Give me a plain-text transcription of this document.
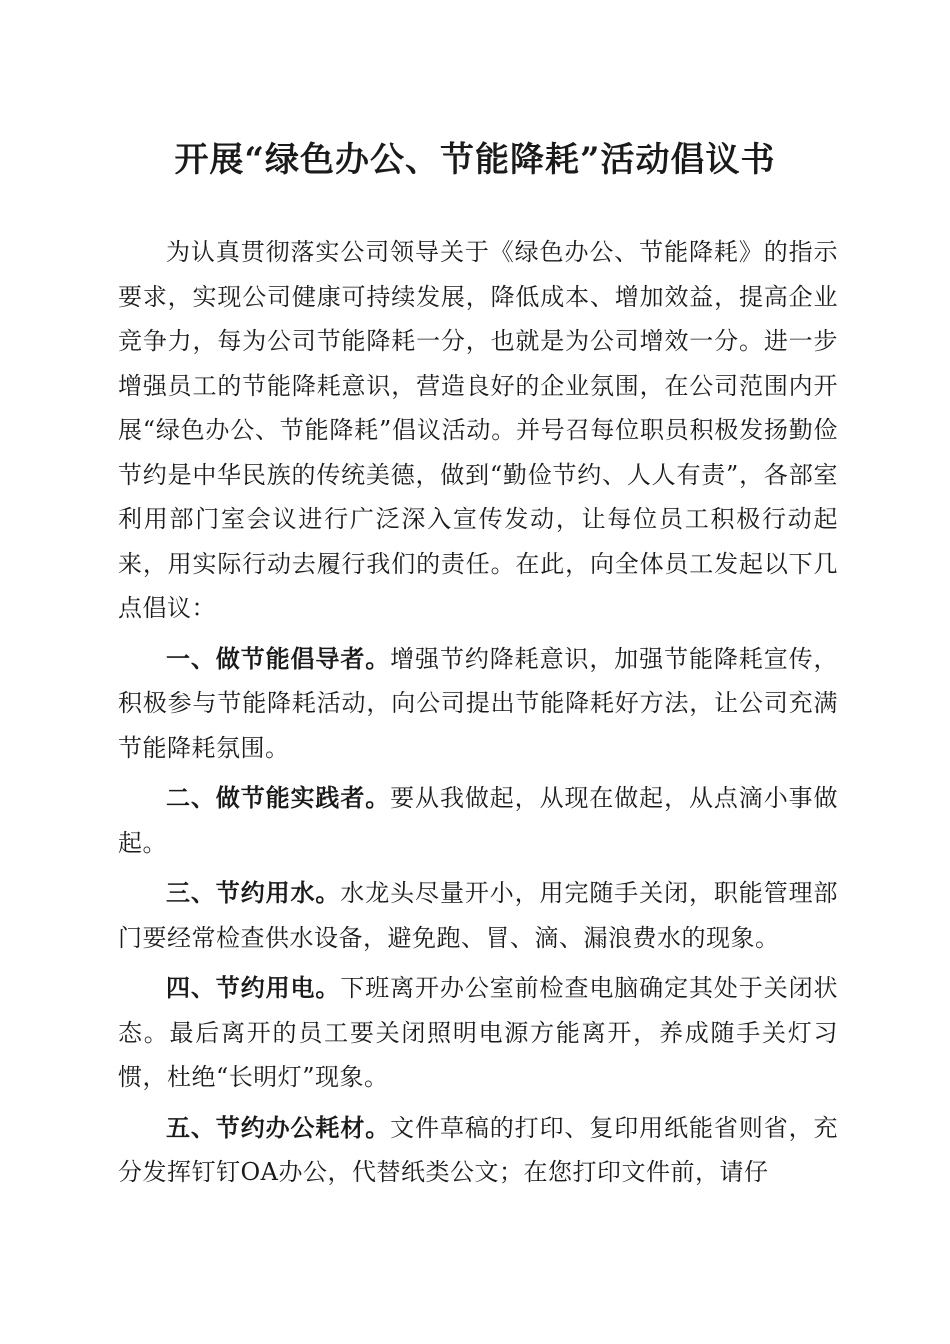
开展“绿色办公、节能降耗”活动倡议书

为认真贯彻落实公司领导关于《绿色办公、节能降耗》的指示要求，实现公司健康可持续发展，降低成本、增加效益，提高企业竞争力，每为公司节能降耗一分，也就是为公司增效一分。进一步增强员工的节能降耗意识，营造良好的企业氛围，在公司范围内开展“绿色办公、节能降耗”倡议活动。并号召每位职员积极发扬勤俭节约是中华民族的传统美德，做到“勤俭节约、人人有责”，各部室利用部门室会议进行广泛深入宣传发动，让每位员工积极行动起来，用实际行动去履行我们的责任。在此，向全体员工发起以下几点倡议：

一、做节能倡导者。增强节约降耗意识，加强节能降耗宣传，积极参与节能降耗活动，向公司提出节能降耗好方法，让公司充满节能降耗氛围。

二、做节能实践者。要从我做起，从现在做起，从点滴小事做起。

三、节约用水。水龙头尽量开小，用完随手关闭，职能管理部门要经常检查供水设备，避免跑、冒、滴、漏浪费水的现象。

四、节约用电。下班离开办公室前检查电脑确定其处于关闭状态。最后离开的员工要关闭照明电源方能离开，养成随手关灯习惯，杜绝“长明灯”现象。

五、节约办公耗材。文件草稿的打印、复印用纸能省则省，充分发挥钉钉OA办公，代替纸类公文；在您打印文件前，请仔
